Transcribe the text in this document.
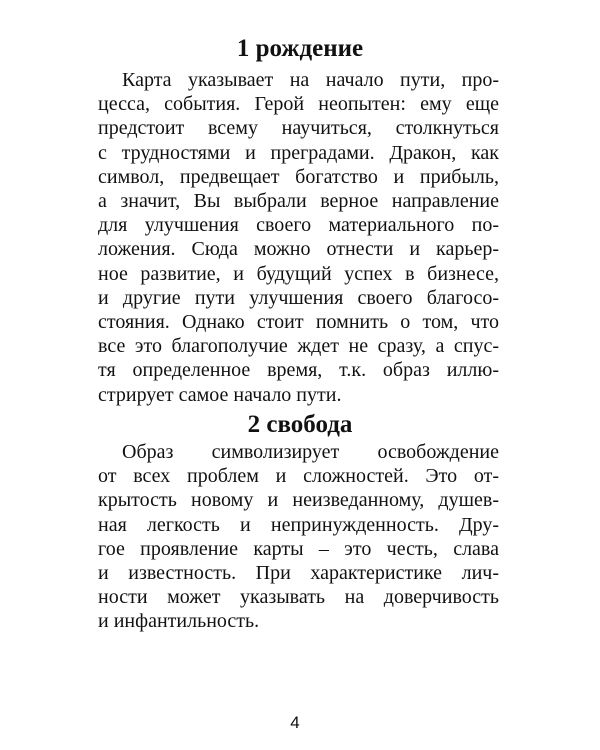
1 рождение
Карта указывает на начало пути, про-
цесса, события. Герой неопытен: ему еще
предстоит всему научиться, столкнуться
с трудностями и преградами. Дракон, как
символ, предвещает богатство и прибыль,
а значит, Вы выбрали верное направление
для улучшения своего материального по-
ложения. Сюда можно отнести и карьер-
ное развитие, и будущий успех в бизнесе,
и другие пути улучшения своего благосо-
стояния. Однако стоит помнить о том, что
все это благополучие ждет не сразу, а спус-
тя определенное время, т.к. образ иллю-
стрирует самое начало пути.
2 свобода
Образ символизирует освобождение
от всех проблем и сложностей. Это от-
крытость новому и неизведанному, душев-
ная легкость и непринужденность. Дру-
гое проявление карты – это честь, слава
и известность. При характеристике лич-
ности может указывать на доверчивость
и инфантильность.
4
